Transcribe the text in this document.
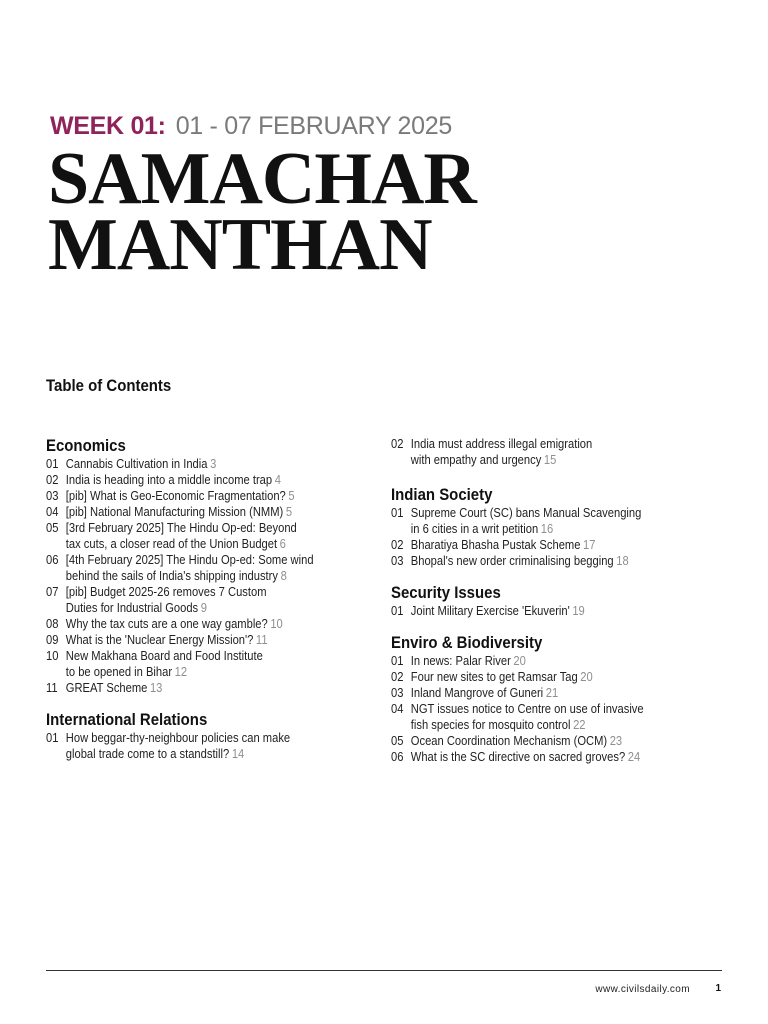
WEEK 01: 01 - 07 FEBRUARY 2025
SAMACHAR
MANTHAN
Table of Contents
Economics
01 Cannabis Cultivation in India 3
02 India is heading into a middle income trap 4
03 [pib] What is Geo-Economic Fragmentation? 5
04 [pib] National Manufacturing Mission (NMM) 5
05 [3rd February 2025] The Hindu Op-ed: Beyond
tax cuts, a closer read of the Union Budget 6
06 [4th February 2025] The Hindu Op-ed: Some wind
behind the sails of India's shipping industry 8
07 [pib] Budget 2025-26 removes 7 Custom
Duties for Industrial Goods 9
08 Why the tax cuts are a one way gamble? 10
09 What is the 'Nuclear Energy Mission'? 11
10 New Makhana Board and Food Institute
to be opened in Bihar 12
11 GREAT Scheme 13
International Relations
01 How beggar-thy-neighbour policies can make
global trade come to a standstill? 14
02 India must address illegal emigration
with empathy and urgency 15
Indian Society
01 Supreme Court (SC) bans Manual Scavenging
in 6 cities in a writ petition 16
02 Bharatiya Bhasha Pustak Scheme 17
03 Bhopal's new order criminalising begging 18
Security Issues
01 Joint Military Exercise 'Ekuverin' 19
Enviro & Biodiversity
01 In news: Palar River 20
02 Four new sites to get Ramsar Tag 20
03 Inland Mangrove of Guneri 21
04 NGT issues notice to Centre on use of invasive
fish species for mosquito control 22
05 Ocean Coordination Mechanism (OCM) 23
06 What is the SC directive on sacred groves? 24
www.civilsdaily.com	1
